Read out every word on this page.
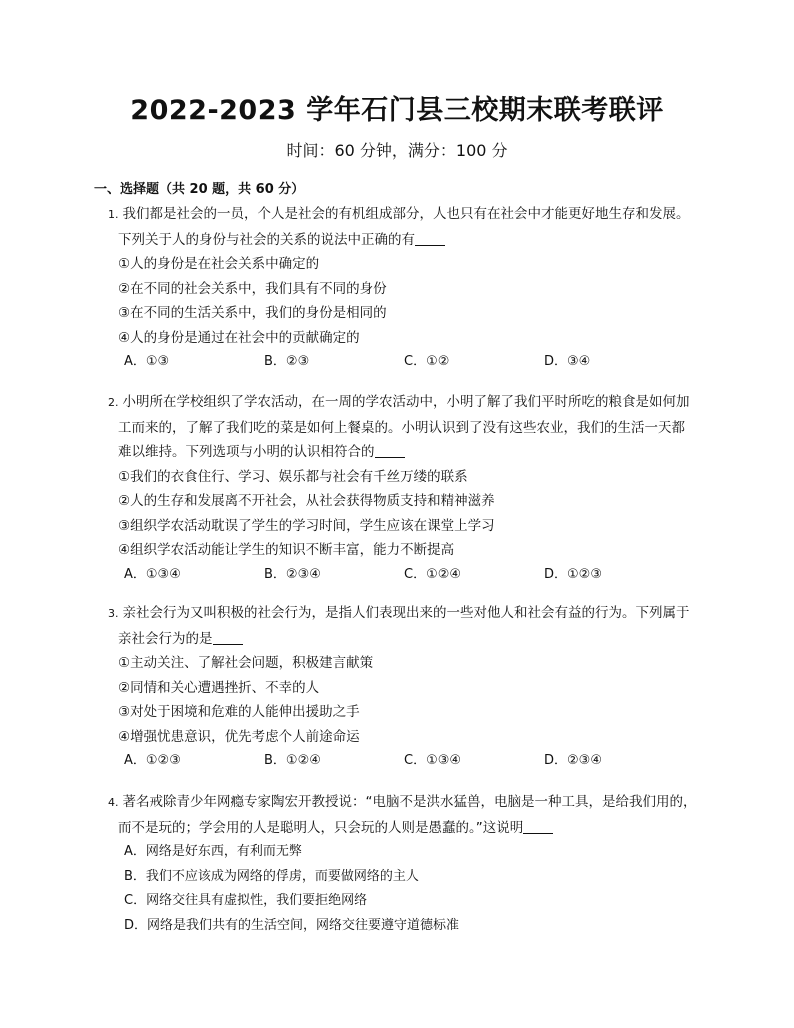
2022-2023 学年石门县三校期末联考联评
时间：60 分钟，满分：100 分
一、选择题（共 20 题，共 60 分）

1. 我们都是社会的一员，个人是社会的有机组成部分，人也只有在社会中才能更好地生存和发展。

下列关于人的身份与社会的关系的说法中正确的有

①人的身份是在社会关系中确定的

②在不同的社会关系中，我们具有不同的身份

③在不同的生活关系中，我们的身份是相同的

④人的身份是通过在社会中的贡献确定的

A．①③	B．②③	C．①②	D．③④

2. 小明所在学校组织了学农活动，在一周的学农活动中，小明了解了我们平时所吃的粮食是如何加

工而来的，了解了我们吃的菜是如何上餐桌的。小明认识到了没有这些农业，我们的生活一天都

难以维持。下列选项与小明的认识相符合的

①我们的衣食住行、学习、娱乐都与社会有千丝万缕的联系

②人的生存和发展离不开社会，从社会获得物质支持和精神滋养

③组织学农活动耽误了学生的学习时间，学生应该在课堂上学习

④组织学农活动能让学生的知识不断丰富，能力不断提高

A．①③④	B．②③④	C．①②④	D．①②③

3. 亲社会行为又叫积极的社会行为，是指人们表现出来的一些对他人和社会有益的行为。下列属于

亲社会行为的是

①主动关注、了解社会问题，积极建言献策

②同情和关心遭遇挫折、不幸的人

③对处于困境和危难的人能伸出援助之手

④增强忧患意识，优先考虑个人前途命运

A．①②③	B．①②④	C．①③④	D．②③④

4. 著名戒除青少年网瘾专家陶宏开教授说：“电脑不是洪水猛兽，电脑是一种工具，是给我们用的，

而不是玩的；学会用的人是聪明人，只会玩的人则是愚蠢的。”这说明

A．网络是好东西，有利而无弊
B．我们不应该成为网络的俘虏，而要做网络的主人
C．网络交往具有虚拟性，我们要拒绝网络
D．网络是我们共有的生活空间，网络交往要遵守道德标准
